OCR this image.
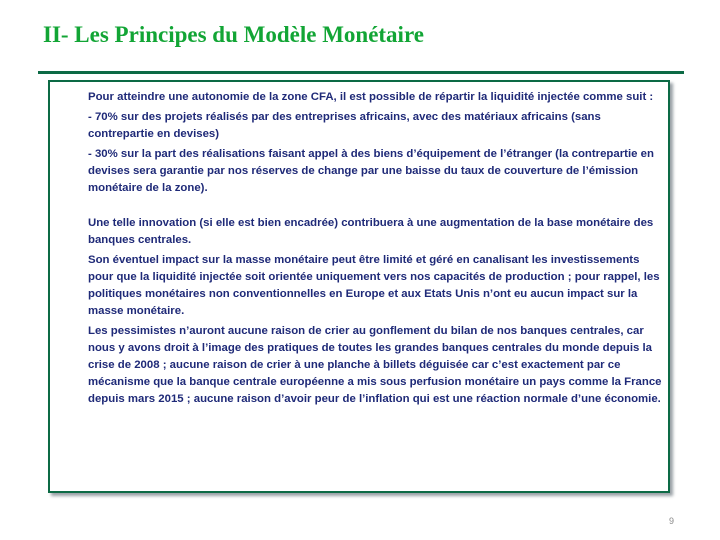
II- Les Principes du Modèle Monétaire

Pour atteindre une autonomie de la zone CFA, il est possible de répartir la liquidité injectée comme suit :

- 70% sur des projets réalisés par des entreprises africains, avec des matériaux africains (sans contrepartie en devises)

- 30% sur la part des réalisations faisant appel à des biens d’équipement de l’étranger (la contrepartie en devises sera garantie par nos réserves de change par une baisse du taux de couverture de l’émission monétaire de la zone).

Une telle innovation (si elle est bien encadrée) contribuera à une augmentation de la base monétaire des banques centrales.

Son éventuel impact sur la masse monétaire peut être limité et géré en canalisant les investissements pour que la liquidité injectée soit orientée uniquement vers nos capacités de production ; pour rappel, les politiques monétaires non conventionnelles en Europe et aux Etats Unis n’ont eu aucun impact sur la masse monétaire.

Les pessimistes n’auront aucune raison de crier au gonflement du bilan de nos banques centrales, car nous y avons droit à l’image des pratiques de toutes les grandes banques centrales du monde depuis la crise de 2008 ; aucune raison de crier à une planche à billets déguisée car c’est exactement par ce mécanisme que la banque centrale européenne a mis sous perfusion monétaire un pays comme la France depuis mars 2015 ; aucune raison d’avoir peur de l’inflation qui est une réaction normale d’une économie.

9
